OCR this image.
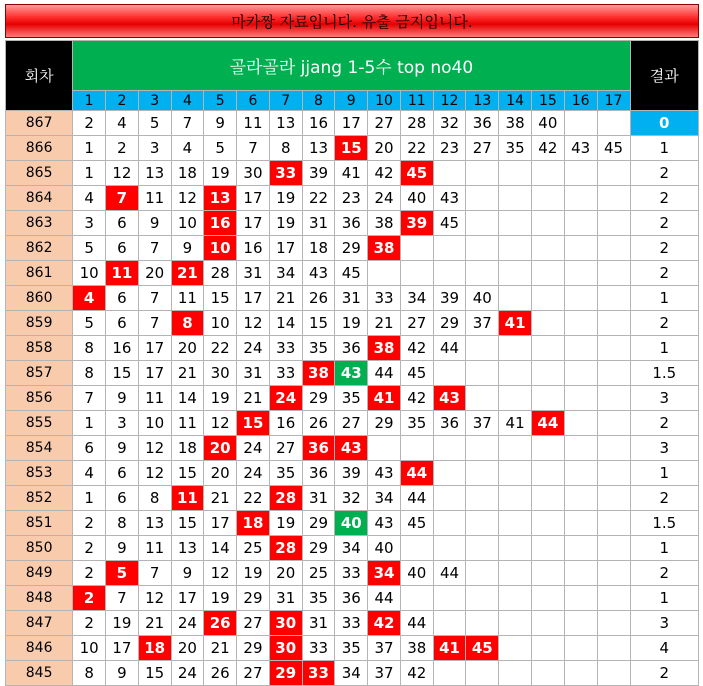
마카짱 자료입니다. 유출 금지입니다.
회차	골라골라 jjang 1-5수 top no40																	결과
	1	2	3	4	5	6	7	8	9	10	11	12	13	14	15	16	17	
867	2	4	5	7	9	11	13	16	17	27	28	32	36	38	40			0
866	1	2	3	4	5	7	8	13	15	20	22	23	27	35	42	43	45	1
865	1	12	13	18	19	30	33	39	41	42	45							2
864	4	7	11	12	13	17	19	22	23	24	40	43						2
863	3	6	9	10	16	17	19	31	36	38	39	45						2
862	5	6	7	9	10	16	17	18	29	38								2
861	10	11	20	21	28	31	34	43	45									2
860	4	6	7	11	15	17	21	26	31	33	34	39	40					1
859	5	6	7	8	10	12	14	15	19	21	27	29	37	41				2
858	8	16	17	20	22	24	33	35	36	38	42	44						1
857	8	15	17	21	30	31	33	38	43	44	45							1.5
856	7	9	11	14	19	21	24	29	35	41	42	43						3
855	1	3	10	11	12	15	16	26	27	29	35	36	37	41	44			2
854	6	9	12	18	20	24	27	36	43									3
853	4	6	12	15	20	24	35	36	39	43	44							1
852	1	6	8	11	21	22	28	31	32	34	44							2
851	2	8	13	15	17	18	19	29	40	43	45							1.5
850	2	9	11	13	14	25	28	29	34	40								1
849	2	5	7	9	12	19	20	25	33	34	40	44						2
848	2	7	12	17	19	29	31	35	36	44								1
847	2	19	21	24	26	27	30	31	33	42	44							3
846	10	17	18	20	21	29	30	33	35	37	38	41	45					4
845	8	9	15	24	26	27	29	33	34	37	42							2
